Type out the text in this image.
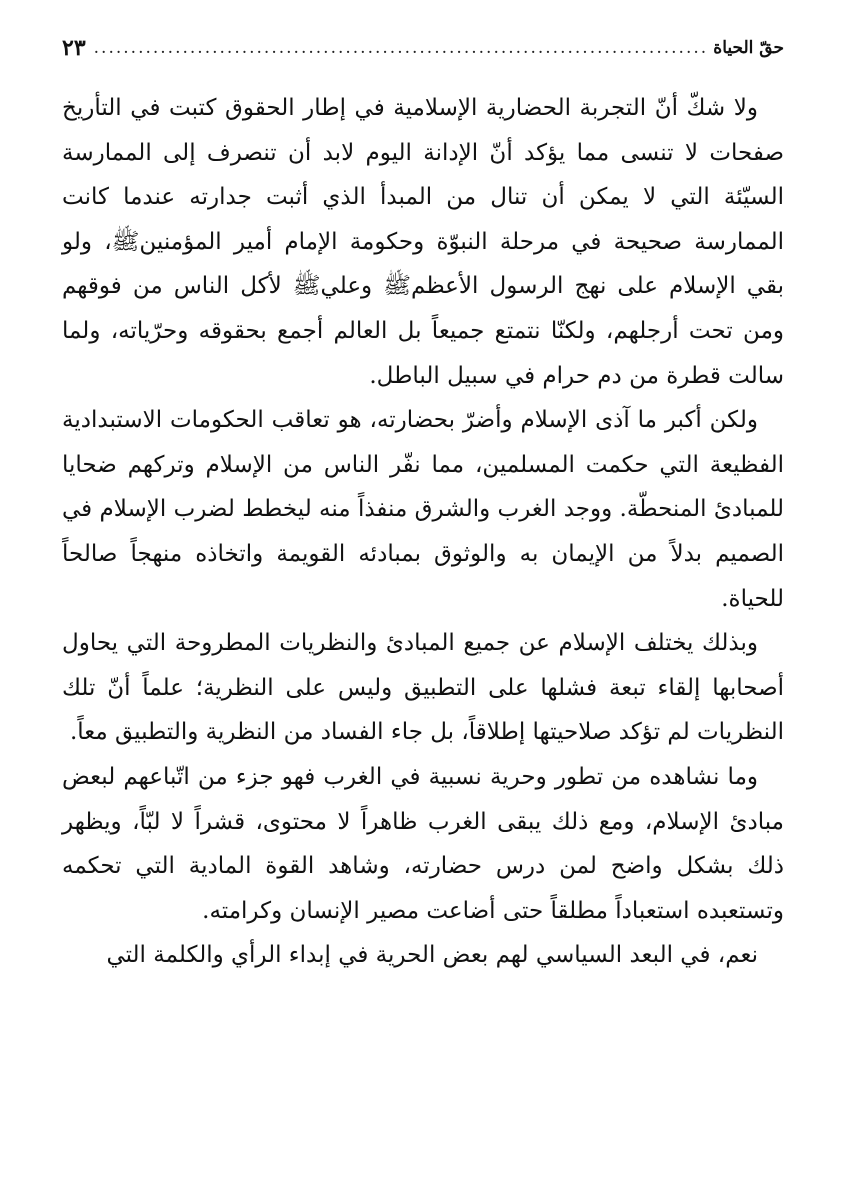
حقّ الحياة
.....
٢٣

ولا شكّ أنّ التجربة الحضارية الإسلامية في إطار الحقوق كتبت في التأريخ صفحات لا تنسى مما يؤكد أنّ الإدانة اليوم لابد أن تنصرف إلى الممارسة السيّئة التي لا يمكن أن تنال من المبدأ الذي أثبت جدارته عندما كانت الممارسة صحيحة في مرحلة النبوّة وحكومة الإمام أمير المؤمنينﷺ، ولو بقي الإسلام على نهج الرسول الأعظمﷺ وعليﷺ لأكل الناس من فوقهم ومن تحت أرجلهم، ولكنّا نتمتع جميعاً بل العالم أجمع بحقوقه وحرّياته، ولما سالت قطرة من دم حرام في سبيل الباطل.

ولكن أكبر ما آذى الإسلام وأضرّ بحضارته، هو تعاقب الحكومات الاستبدادية الفظيعة التي حكمت المسلمين، مما نفّر الناس من الإسلام وتركهم ضحايا للمبادئ المنحطّة. ووجد الغرب والشرق منفذاً منه ليخطط لضرب الإسلام في الصميم بدلاً من الإيمان به والوثوق بمبادئه القويمة واتخاذه منهجاً صالحاً للحياة.

وبذلك يختلف الإسلام عن جميع المبادئ والنظريات المطروحة التي يحاول أصحابها إلقاء تبعة فشلها على التطبيق وليس على النظرية؛ علماً أنّ تلك النظريات لم تؤكد صلاحيتها إطلاقاً، بل جاء الفساد من النظرية والتطبيق معاً.

وما نشاهده من تطور وحرية نسبية في الغرب فهو جزء من اتّباعهم لبعض مبادئ الإسلام، ومع ذلك يبقى الغرب ظاهراً لا محتوى، قشراً لا لبّاً، ويظهر ذلك بشكل واضح لمن درس حضارته، وشاهد القوة المادية التي تحكمه وتستعبده استعباداً مطلقاً حتى أضاعت مصير الإنسان وكرامته.

نعم، في البعد السياسي لهم بعض الحرية في إبداء الرأي والكلمة التي
